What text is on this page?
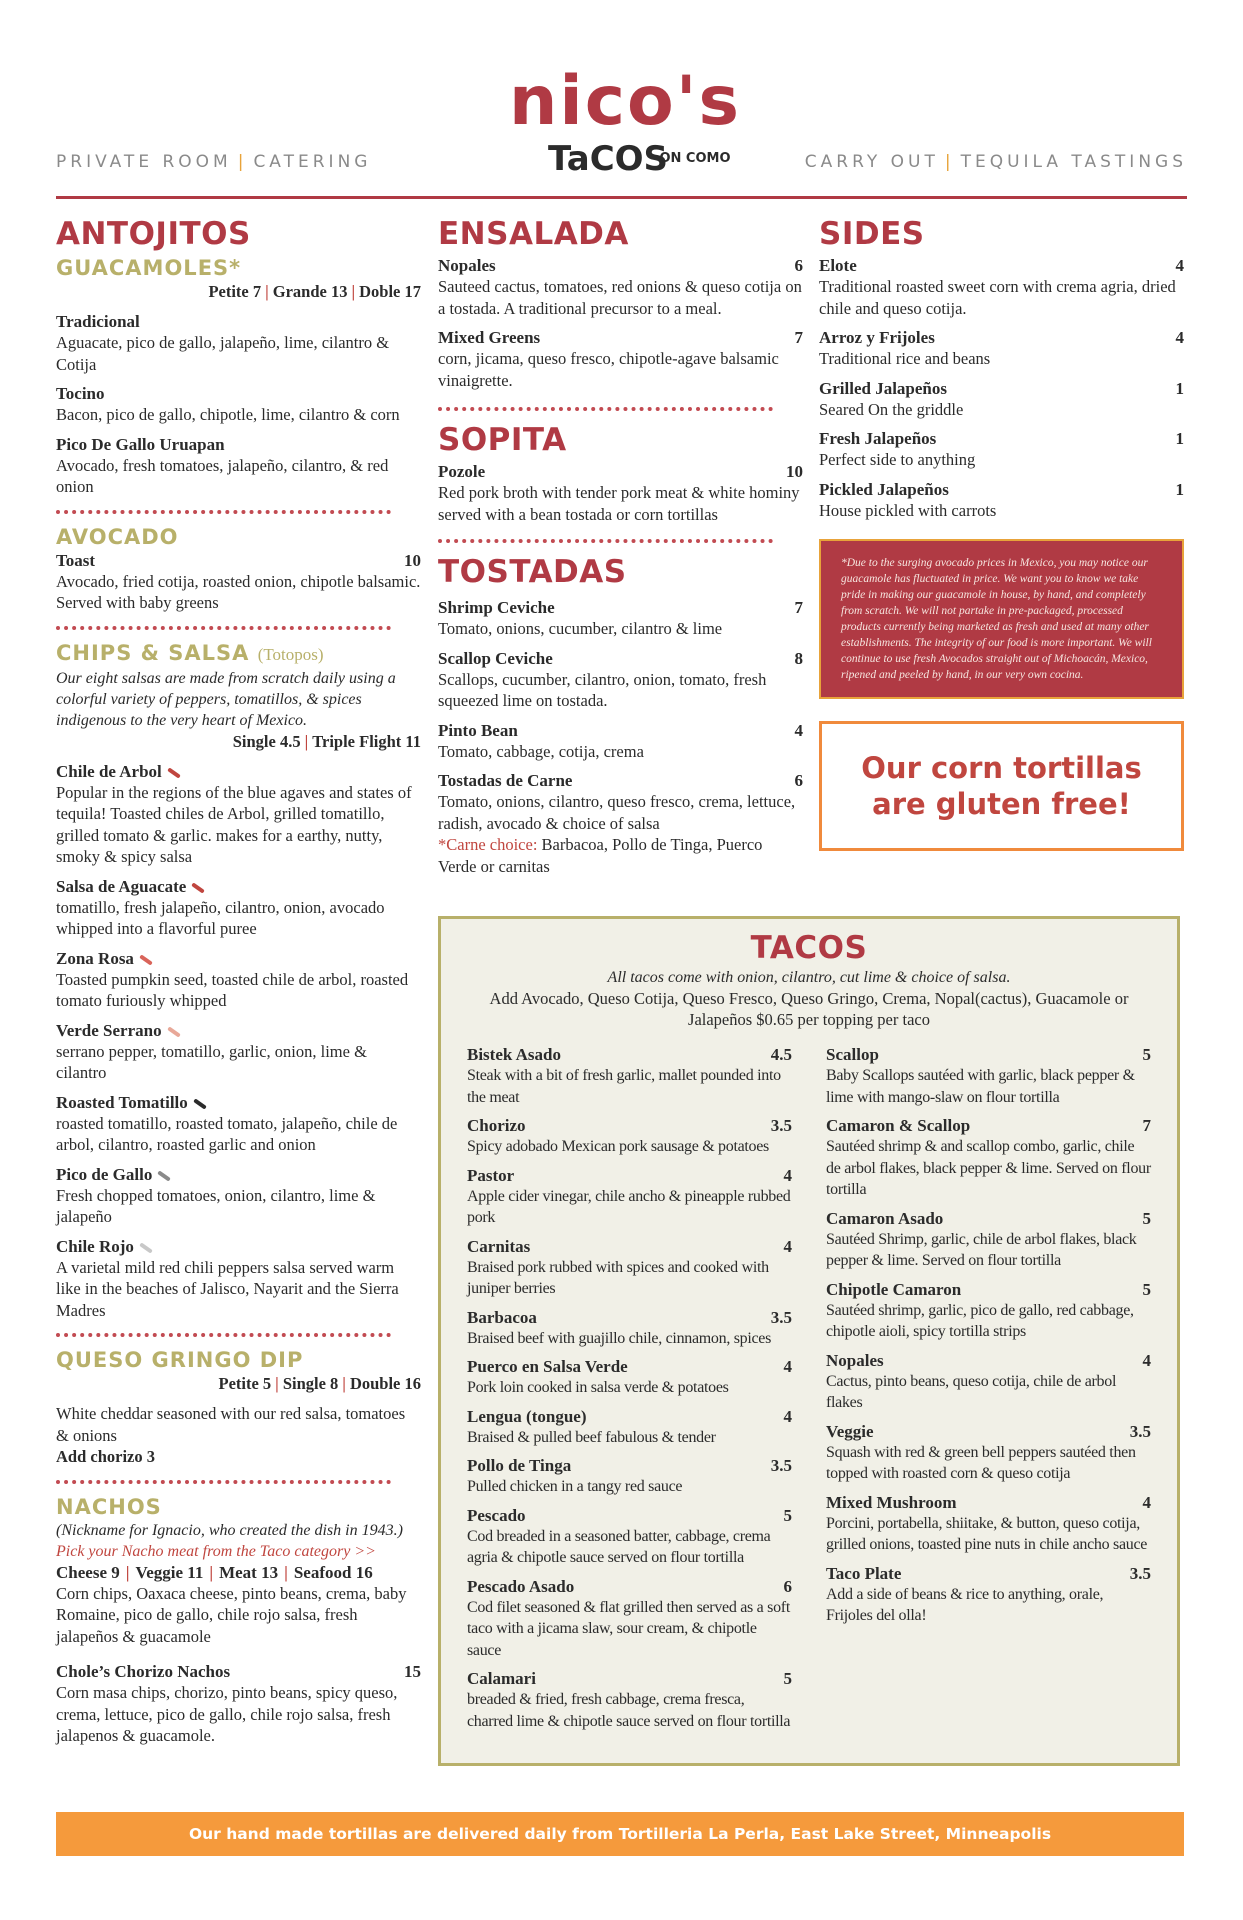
PRIVATE ROOM | CATERING	CARRY OUT | TEQUILA TASTINGS
nico's
TaCOS
ON COMO
ANTOJITOS
GUACAMOLES*
Petite 7 | Grande 13 | Doble 17
Tradicional
Aguacate, pico de gallo, jalapeño, lime, cilantro & Cotija
Tocino
Bacon, pico de gallo, chipotle, lime, cilantro & corn
Pico De Gallo Uruapan
Avocado, fresh tomatoes, jalapeño, cilantro, & red onion
AVOCADO
Toast	10
Avocado, fried cotija, roasted onion, chipotle balsamic. Served with baby greens
CHIPS & SALSA (Totopos)
Our eight salsas are made from scratch daily using a colorful variety of peppers, tomatillos, & spices indigenous to the very heart of Mexico.
Single 4.5 | Triple Flight 11
Chile de Arbol
Popular in the regions of the blue agaves and states of tequila! Toasted chiles de Arbol, grilled tomatillo, grilled tomato & garlic. makes for a earthy, nutty, smoky & spicy salsa
Salsa de Aguacate
tomatillo, fresh jalapeño, cilantro, onion, avocado whipped into a flavorful puree
Zona Rosa
Toasted pumpkin seed, toasted chile de arbol, roasted tomato furiously whipped
Verde Serrano
serrano pepper, tomatillo, garlic, onion, lime & cilantro
Roasted Tomatillo
roasted tomatillo, roasted tomato, jalapeño, chile de arbol, cilantro, roasted garlic and onion
Pico de Gallo
Fresh chopped tomatoes, onion, cilantro, lime & jalapeño
Chile Rojo
A varietal mild red chili peppers salsa served warm like in the beaches of Jalisco, Nayarit and the Sierra Madres
QUESO GRINGO DIP
Petite 5 | Single 8 | Double 16
White cheddar seasoned with our red salsa, tomatoes & onions
Add chorizo 3
NACHOS
(Nickname for Ignacio, who created the dish in 1943.)
Pick your Nacho meat from the Taco category >>
Cheese 9 | Veggie 11 | Meat 13 | Seafood 16
Corn chips, Oaxaca cheese, pinto beans, crema, baby Romaine, pico de gallo, chile rojo salsa, fresh jalapeños & guacamole
Chole’s Chorizo Nachos	15
Corn masa chips, chorizo, pinto beans, spicy queso, crema, lettuce, pico de gallo, chile rojo salsa, fresh jalapenos & guacamole.
ENSALADA
Nopales	6
Sauteed cactus, tomatoes, red onions & queso cotija on a tostada. A traditional precursor to a meal.
Mixed Greens	7
corn, jicama, queso fresco, chipotle-agave balsamic vinaigrette.
SOPITA
Pozole	10
Red pork broth with tender pork meat & white hominy served with a bean tostada or corn tortillas
TOSTADAS
Shrimp Ceviche	7
Tomato, onions, cucumber, cilantro & lime
Scallop Ceviche	8
Scallops, cucumber, cilantro, onion, tomato, fresh squeezed lime on tostada.
Pinto Bean	4
Tomato, cabbage, cotija, crema
Tostadas de Carne	6
Tomato, onions, cilantro, queso fresco, crema, lettuce, radish, avocado & choice of salsa
*Carne choice: Barbacoa, Pollo de Tinga, Puerco Verde or carnitas
SIDES
Elote	4
Traditional roasted sweet corn with crema agria, dried chile and queso cotija.
Arroz y Frijoles	4
Traditional rice and beans
Grilled Jalapeños	1
Seared On the griddle
Fresh Jalapeños	1
Perfect side to anything
Pickled Jalapeños	1
House pickled with carrots
*Due to the surging avocado prices in Mexico, you may notice our guacamole has fluctuated in price. We want you to know we take pride in making our guacamole in house, by hand, and completely from scratch. We will not partake in pre-packaged, processed products currently being marketed as fresh and used at many other establishments. The integrity of our food is more important. We will continue to use fresh Avocados straight out of Michoacán, Mexico, ripened and peeled by hand, in our very own cocina.
Our corn tortillas are gluten free!
TACOS
All tacos come with onion, cilantro, cut lime & choice of salsa.
Add Avocado, Queso Cotija, Queso Fresco, Queso Gringo, Crema, Nopal(cactus), Guacamole or Jalapeños $0.65 per topping per taco
Bistek Asado	4.5
Steak with a bit of fresh garlic, mallet pounded into the meat
Chorizo	3.5
Spicy adobado Mexican pork sausage & potatoes
Pastor	4
Apple cider vinegar, chile ancho & pineapple rubbed pork
Carnitas	4
Braised pork rubbed with spices and cooked with juniper berries
Barbacoa	3.5
Braised beef with guajillo chile, cinnamon, spices
Puerco en Salsa Verde	4
Pork loin cooked in salsa verde & potatoes
Lengua (tongue)	4
Braised & pulled beef fabulous & tender
Pollo de Tinga	3.5
Pulled chicken in a tangy red sauce
Pescado	5
Cod breaded in a seasoned batter, cabbage, crema agria & chipotle sauce served on flour tortilla
Pescado Asado	6
Cod filet seasoned & flat grilled then served as a soft taco with a jicama slaw, sour cream, & chipotle sauce
Calamari	5
breaded & fried, fresh cabbage, crema fresca, charred lime & chipotle sauce served on flour tortilla
Scallop	5
Baby Scallops sautéed with garlic, black pepper & lime with mango-slaw on flour tortilla
Camaron & Scallop	7
Sautéed shrimp & and scallop combo, garlic, chile de arbol flakes, black pepper & lime. Served on flour tortilla
Camaron Asado	5
Sautéed Shrimp, garlic, chile de arbol flakes, black pepper & lime. Served on flour tortilla
Chipotle Camaron	5
Sautéed shrimp, garlic, pico de gallo, red cabbage, chipotle aioli, spicy tortilla strips
Nopales	4
Cactus, pinto beans, queso cotija, chile de arbol flakes
Veggie	3.5
Squash with red & green bell peppers sautéed then topped with roasted corn & queso cotija
Mixed Mushroom	4
Porcini, portabella, shiitake, & button, queso cotija, grilled onions, toasted pine nuts in chile ancho sauce
Taco Plate	3.5
Add a side of beans & rice to anything, orale, Frijoles del olla!
Our hand made tortillas are delivered daily from Tortilleria La Perla, East Lake Street, Minneapolis
